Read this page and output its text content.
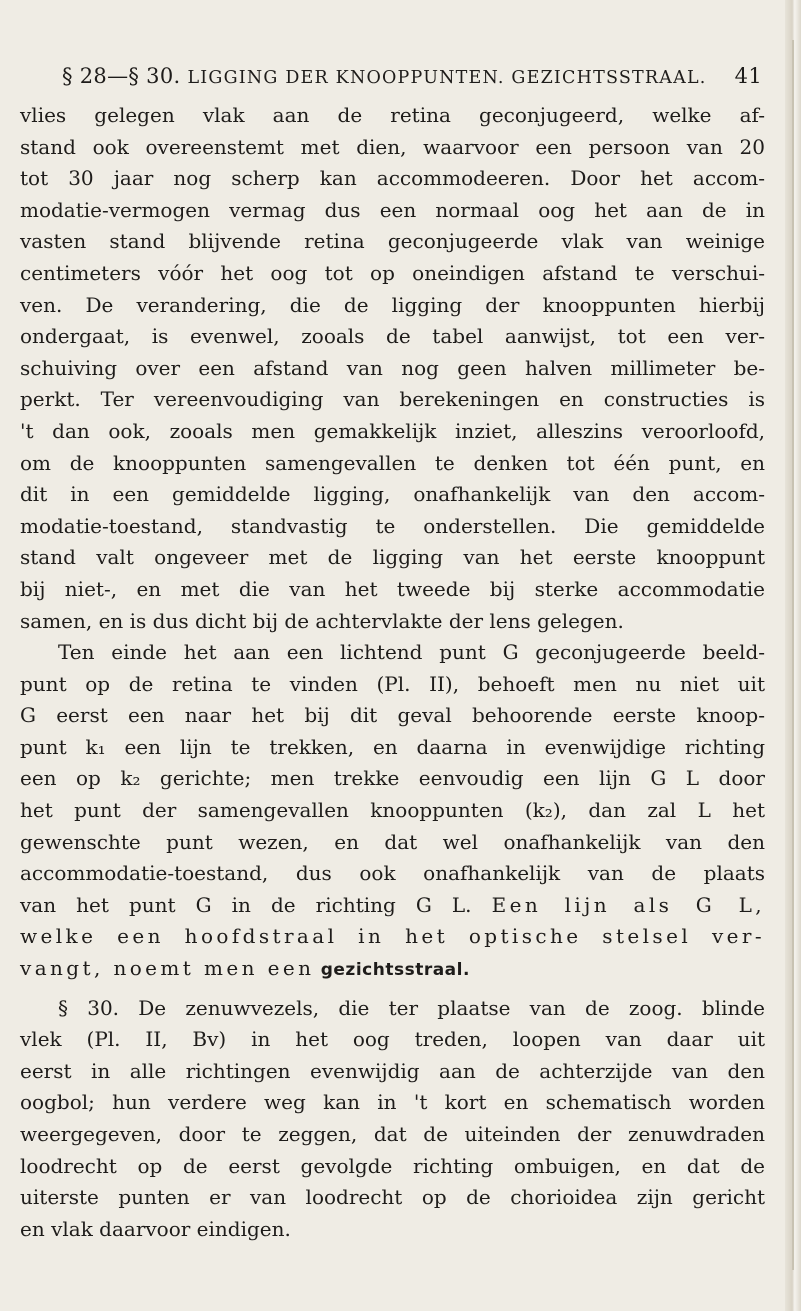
§ 28—§ 30. LIGGING DER KNOOPPUNTEN. GEZICHTSSTRAAL. 41
vlies gelegen vlak aan de retina geconjugeerd, welke af-
stand ook overeenstemt met dien, waarvoor een persoon van 20
tot 30 jaar nog scherp kan accommodeeren. Door het accom-
modatie-vermogen vermag dus een normaal oog het aan de in
vasten stand blijvende retina geconjugeerde vlak van weinige
centimeters vóór het oog tot op oneindigen afstand te verschui-
ven. De verandering, die de ligging der knooppunten hierbij
ondergaat, is evenwel, zooals de tabel aanwijst, tot een ver-
schuiving over een afstand van nog geen halven millimeter be-
perkt. Ter vereenvoudiging van berekeningen en constructies is
't dan ook, zooals men gemakkelijk inziet, alleszins veroorloofd,
om de knooppunten samengevallen te denken tot één punt, en
dit in een gemiddelde ligging, onafhankelijk van den accom-
modatie-toestand, standvastig te onderstellen. Die gemiddelde
stand valt ongeveer met de ligging van het eerste knooppunt
bij niet-, en met die van het tweede bij sterke accommodatie
samen, en is dus dicht bij de achtervlakte der lens gelegen.
Ten einde het aan een lichtend punt G geconjugeerde beeld-
punt op de retina te vinden (Pl. II), behoeft men nu niet uit
G eerst een naar het bij dit geval behoorende eerste knoop-
punt k₁ een lijn te trekken, en daarna in evenwijdige richting
een op k₂ gerichte; men trekke eenvoudig een lijn G L door
het punt der samengevallen knooppunten (k₂), dan zal L het
gewenschte punt wezen, en dat wel onafhankelijk van den
accommodatie-toestand, dus ook onafhankelijk van de plaats
van het punt G in de richting G L. Een lijn als G L,
welke een hoofdstraal in het optische stelsel ver-
vangt, noemt men een gezichtsstraal.
§ 30. De zenuwvezels, die ter plaatse van de zoog. blinde
vlek (Pl. II, Bv) in het oog treden, loopen van daar uit
eerst in alle richtingen evenwijdig aan de achterzijde van den
oogbol; hun verdere weg kan in 't kort en schematisch worden
weergegeven, door te zeggen, dat de uiteinden der zenuwdraden
loodrecht op de eerst gevolgde richting ombuigen, en dat de
uiterste punten er van loodrecht op de chorioidea zijn gericht
en vlak daarvoor eindigen.
